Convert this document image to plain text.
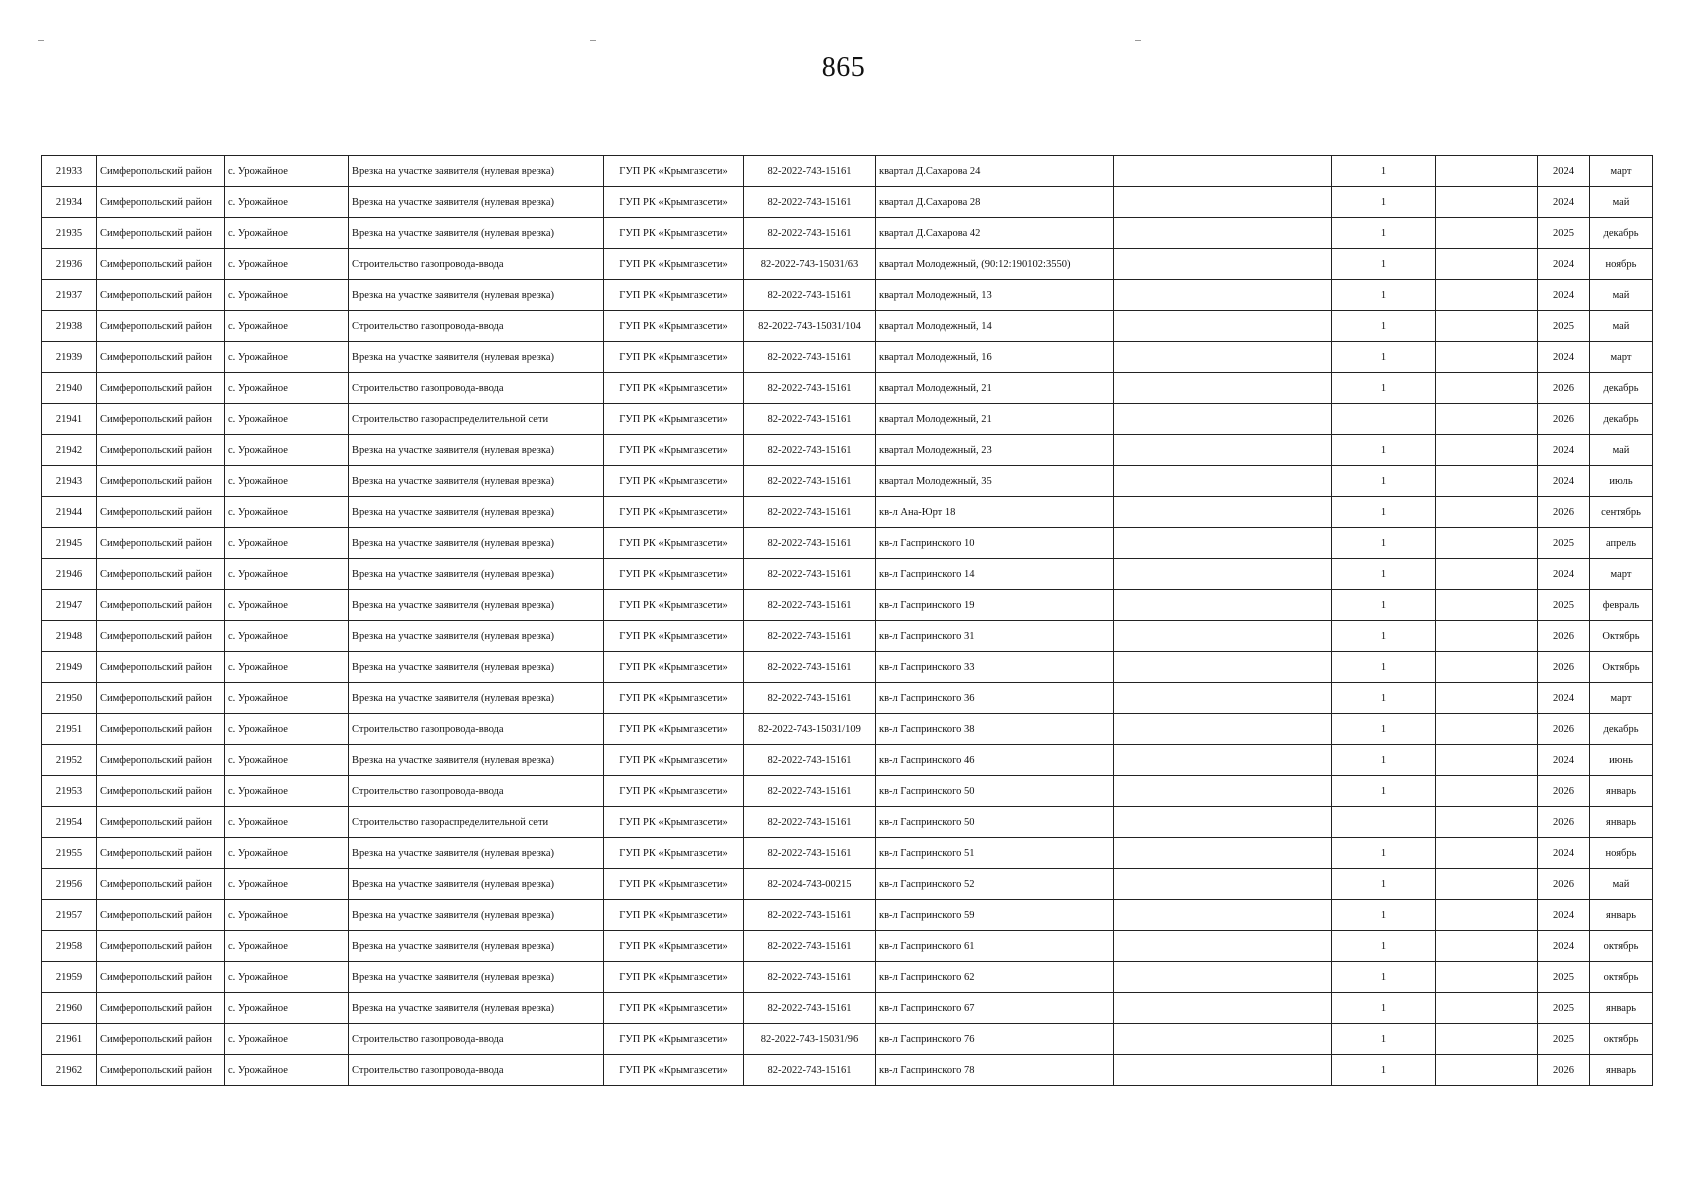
865
21933	Симферопольский район	с. Урожайное	Врезка на участке заявителя (нулевая врезка)	ГУП РК «Крымгазсети»	82-2022-743-15161	квартал Д.Сахарова 24		1		2024	март
21934	Симферопольский район	с. Урожайное	Врезка на участке заявителя (нулевая врезка)	ГУП РК «Крымгазсети»	82-2022-743-15161	квартал Д.Сахарова 28		1		2024	май
21935	Симферопольский район	с. Урожайное	Врезка на участке заявителя (нулевая врезка)	ГУП РК «Крымгазсети»	82-2022-743-15161	квартал Д.Сахарова 42		1		2025	декабрь
21936	Симферопольский район	с. Урожайное	Строительство газопровода-ввода	ГУП РК «Крымгазсети»	82-2022-743-15031/63	квартал Молодежный, (90:12:190102:3550)		1		2024	ноябрь
21937	Симферопольский район	с. Урожайное	Врезка на участке заявителя (нулевая врезка)	ГУП РК «Крымгазсети»	82-2022-743-15161	квартал Молодежный, 13		1		2024	май
21938	Симферопольский район	с. Урожайное	Строительство газопровода-ввода	ГУП РК «Крымгазсети»	82-2022-743-15031/104	квартал Молодежный, 14		1		2025	май
21939	Симферопольский район	с. Урожайное	Врезка на участке заявителя (нулевая врезка)	ГУП РК «Крымгазсети»	82-2022-743-15161	квартал Молодежный, 16		1		2024	март
21940	Симферопольский район	с. Урожайное	Строительство газопровода-ввода	ГУП РК «Крымгазсети»	82-2022-743-15161	квартал Молодежный, 21		1		2026	декабрь
21941	Симферопольский район	с. Урожайное	Строительство газораспределительной сети	ГУП РК «Крымгазсети»	82-2022-743-15161	квартал Молодежный, 21				2026	декабрь
21942	Симферопольский район	с. Урожайное	Врезка на участке заявителя (нулевая врезка)	ГУП РК «Крымгазсети»	82-2022-743-15161	квартал Молодежный, 23		1		2024	май
21943	Симферопольский район	с. Урожайное	Врезка на участке заявителя (нулевая врезка)	ГУП РК «Крымгазсети»	82-2022-743-15161	квартал Молодежный, 35		1		2024	июль
21944	Симферопольский район	с. Урожайное	Врезка на участке заявителя (нулевая врезка)	ГУП РК «Крымгазсети»	82-2022-743-15161	кв-л Ана-Юрт 18		1		2026	сентябрь
21945	Симферопольский район	с. Урожайное	Врезка на участке заявителя (нулевая врезка)	ГУП РК «Крымгазсети»	82-2022-743-15161	кв-л Гаспринского 10		1		2025	апрель
21946	Симферопольский район	с. Урожайное	Врезка на участке заявителя (нулевая врезка)	ГУП РК «Крымгазсети»	82-2022-743-15161	кв-л Гаспринского 14		1		2024	март
21947	Симферопольский район	с. Урожайное	Врезка на участке заявителя (нулевая врезка)	ГУП РК «Крымгазсети»	82-2022-743-15161	кв-л Гаспринского 19		1		2025	февраль
21948	Симферопольский район	с. Урожайное	Врезка на участке заявителя (нулевая врезка)	ГУП РК «Крымгазсети»	82-2022-743-15161	кв-л Гаспринского 31		1		2026	Октябрь
21949	Симферопольский район	с. Урожайное	Врезка на участке заявителя (нулевая врезка)	ГУП РК «Крымгазсети»	82-2022-743-15161	кв-л Гаспринского 33		1		2026	Октябрь
21950	Симферопольский район	с. Урожайное	Врезка на участке заявителя (нулевая врезка)	ГУП РК «Крымгазсети»	82-2022-743-15161	кв-л Гаспринского 36		1		2024	март
21951	Симферопольский район	с. Урожайное	Строительство газопровода-ввода	ГУП РК «Крымгазсети»	82-2022-743-15031/109	кв-л Гаспринского 38		1		2026	декабрь
21952	Симферопольский район	с. Урожайное	Врезка на участке заявителя (нулевая врезка)	ГУП РК «Крымгазсети»	82-2022-743-15161	кв-л Гаспринского 46		1		2024	июнь
21953	Симферопольский район	с. Урожайное	Строительство газопровода-ввода	ГУП РК «Крымгазсети»	82-2022-743-15161	кв-л Гаспринского 50		1		2026	январь
21954	Симферопольский район	с. Урожайное	Строительство газораспределительной сети	ГУП РК «Крымгазсети»	82-2022-743-15161	кв-л Гаспринского 50				2026	январь
21955	Симферопольский район	с. Урожайное	Врезка на участке заявителя (нулевая врезка)	ГУП РК «Крымгазсети»	82-2022-743-15161	кв-л Гаспринского 51		1		2024	ноябрь
21956	Симферопольский район	с. Урожайное	Врезка на участке заявителя (нулевая врезка)	ГУП РК «Крымгазсети»	82-2024-743-00215	кв-л Гаспринского 52		1		2026	май
21957	Симферопольский район	с. Урожайное	Врезка на участке заявителя (нулевая врезка)	ГУП РК «Крымгазсети»	82-2022-743-15161	кв-л Гаспринского 59		1		2024	январь
21958	Симферопольский район	с. Урожайное	Врезка на участке заявителя (нулевая врезка)	ГУП РК «Крымгазсети»	82-2022-743-15161	кв-л Гаспринского 61		1		2024	октябрь
21959	Симферопольский район	с. Урожайное	Врезка на участке заявителя (нулевая врезка)	ГУП РК «Крымгазсети»	82-2022-743-15161	кв-л Гаспринского 62		1		2025	октябрь
21960	Симферопольский район	с. Урожайное	Врезка на участке заявителя (нулевая врезка)	ГУП РК «Крымгазсети»	82-2022-743-15161	кв-л Гаспринского 67		1		2025	январь
21961	Симферопольский район	с. Урожайное	Строительство газопровода-ввода	ГУП РК «Крымгазсети»	82-2022-743-15031/96	кв-л Гаспринского 76		1		2025	октябрь
21962	Симферопольский район	с. Урожайное	Строительство газопровода-ввода	ГУП РК «Крымгазсети»	82-2022-743-15161	кв-л Гаспринского 78		1		2026	январь
